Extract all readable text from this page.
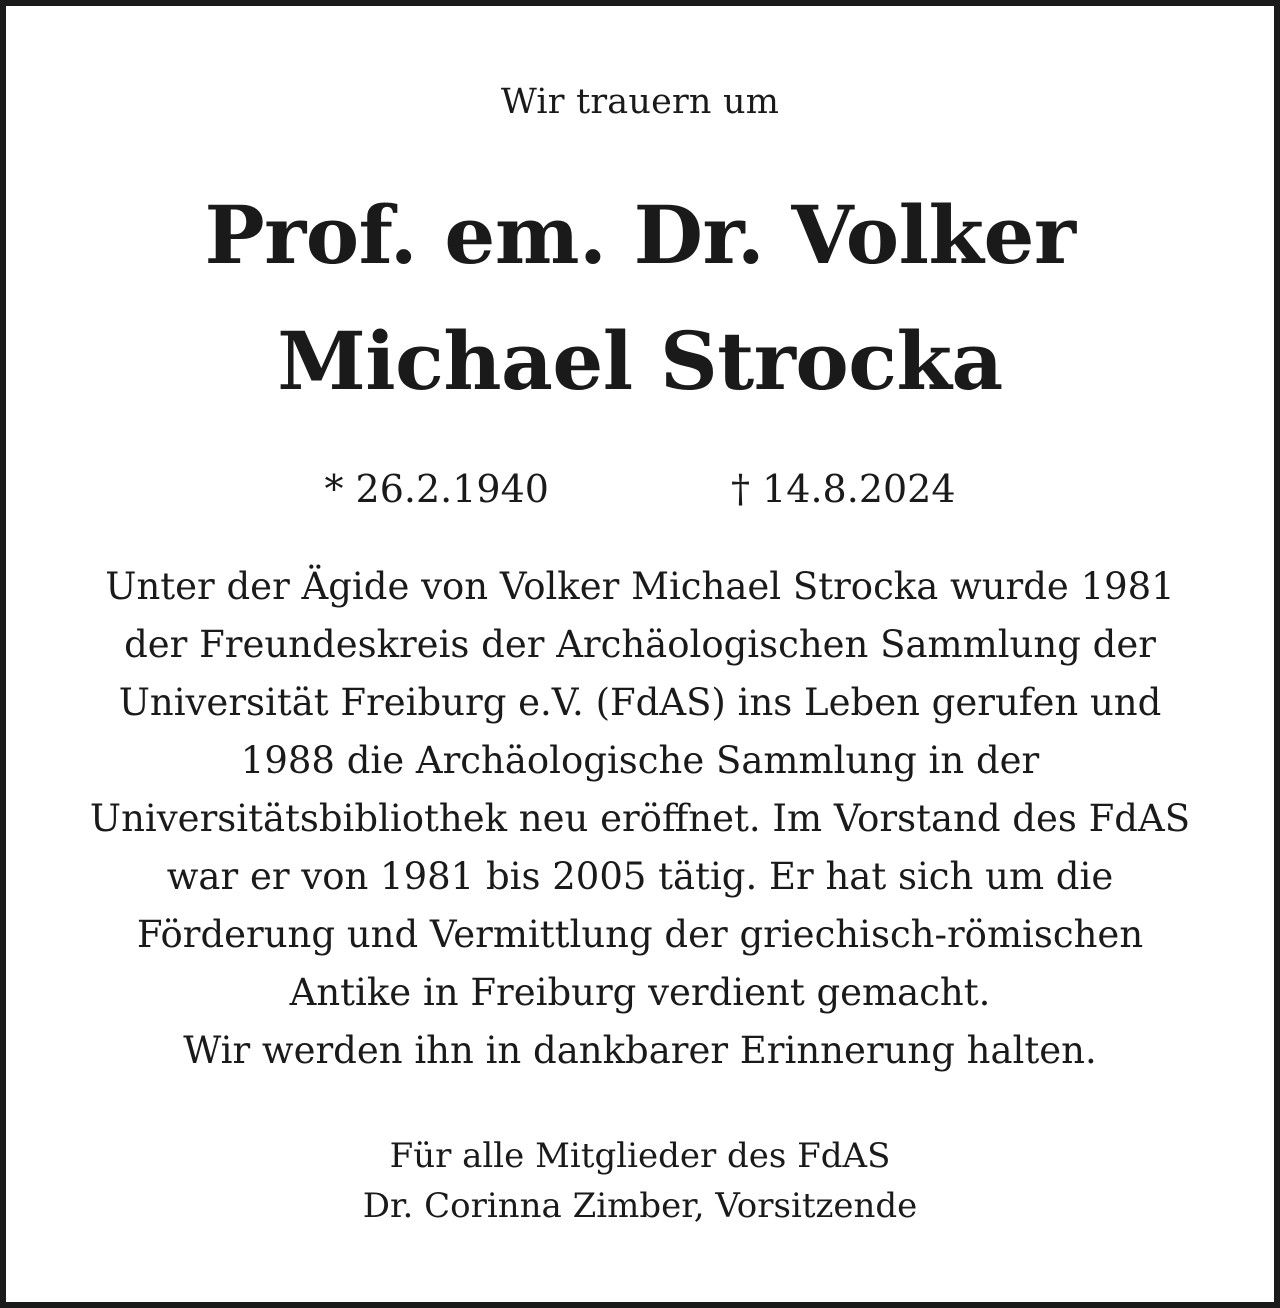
Wir trauern um
Prof. em. Dr. Volker
Michael Strocka
* 26.2.1940	† 14.8.2024
Unter der Ägide von Volker Michael Strocka wurde 1981
der Freundeskreis der Archäologischen Sammlung der
Universität Freiburg e.V. (FdAS) ins Leben gerufen und
1988 die Archäologische Sammlung in der
Universitätsbibliothek neu eröffnet. Im Vorstand des FdAS
war er von 1981 bis 2005 tätig. Er hat sich um die
Förderung und Vermittlung der griechisch-römischen
Antike in Freiburg verdient gemacht.
Wir werden ihn in dankbarer Erinnerung halten.
Für alle Mitglieder des FdAS
Dr. Corinna Zimber, Vorsitzende
